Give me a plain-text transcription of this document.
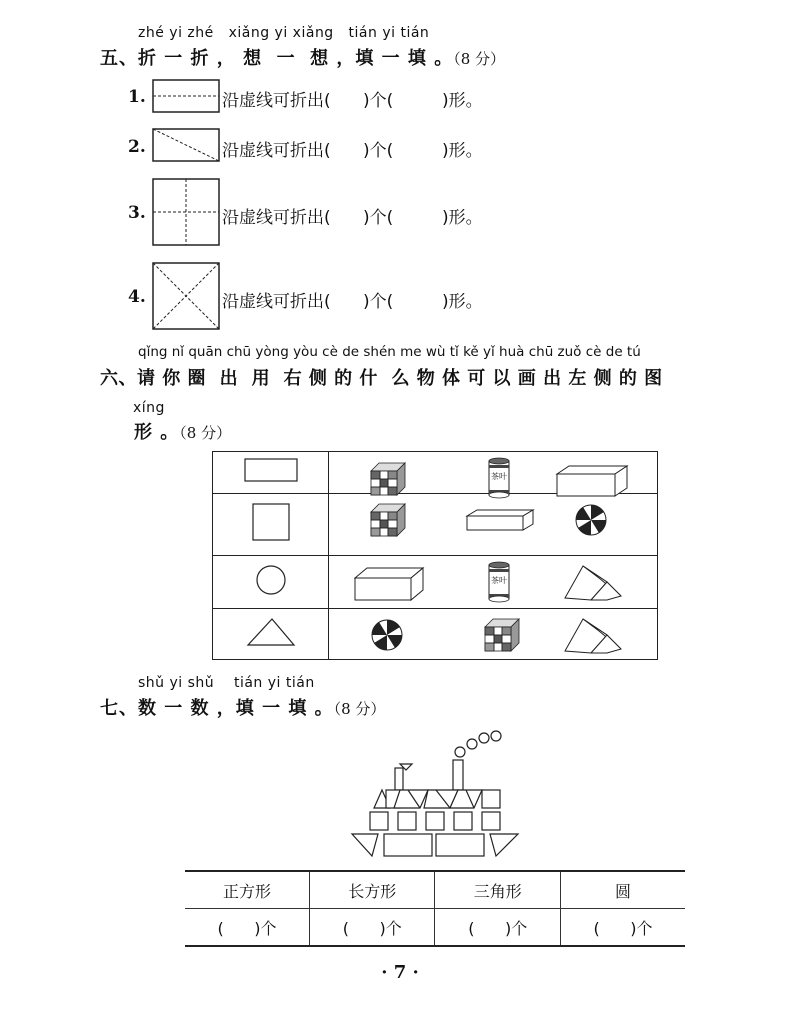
zhé yi zhé   xiǎng yi xiǎng   tián yi tián
五、折 一 折 ， 想  一  想 ，填 一 填 。（8 分）
1.	沿虚线可折出(      )个(         )形。
2.	沿虚线可折出(      )个(         )形。
3.	沿虚线可折出(      )个(         )形。
4.	沿虚线可折出(      )个(         )形。
qǐng nǐ quān chū yòng yòu cè de shén me wù tǐ kě yǐ huà chū zuǒ cè de tú
六、请 你 圈  出  用  右 侧 的 什  么 物 体 可 以 画 出 左 侧 的 图
xíng
形 。（8 分）

茶叶

茶叶

shǔ yi shǔ    tián yi tián
七、数 一 数 ，填 一 填 。（8 分）
正方形	长方形	三角形	圆
(      )个	(      )个	(      )个	(      )个
· 7 ·
